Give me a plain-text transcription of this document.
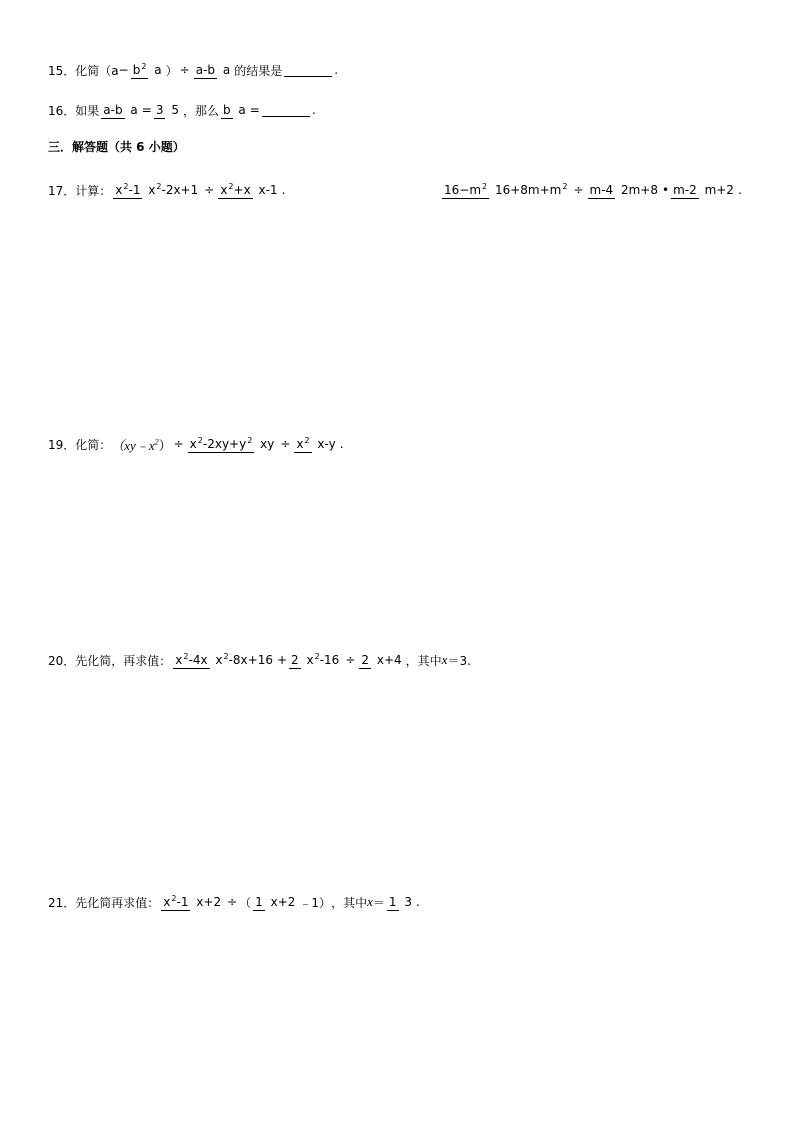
15．化简 （$a - b^2$ a ） ÷ a-b a 的结果是	.
16．如果 a-b a = 3 5 ，那么 b a =	.
三．解答题（共 6 小题）
17．计算： $x^2-1$ $x^2-2x+1 \div x^2+x$ x-1 .	$16-m^2$ $16+8m+m^2 \div m-4$ 2m+8 • m-2 m+2 .
19．化简： $(xy﹣x^2) \div x^2-2xy+y^2$ xy ÷ $x^2$ x-y .
20．先化简，再求值： $x^2-4x$ $x^2-8x+16 + 2$ $x^2-16 \div 2$ x+4 ，其中 x ＝3.
21．先化简再求值： $x^2-1$ x+2 ÷ （ 1 x+2 ﹣1） ，其中 x ＝ 1 3 .
